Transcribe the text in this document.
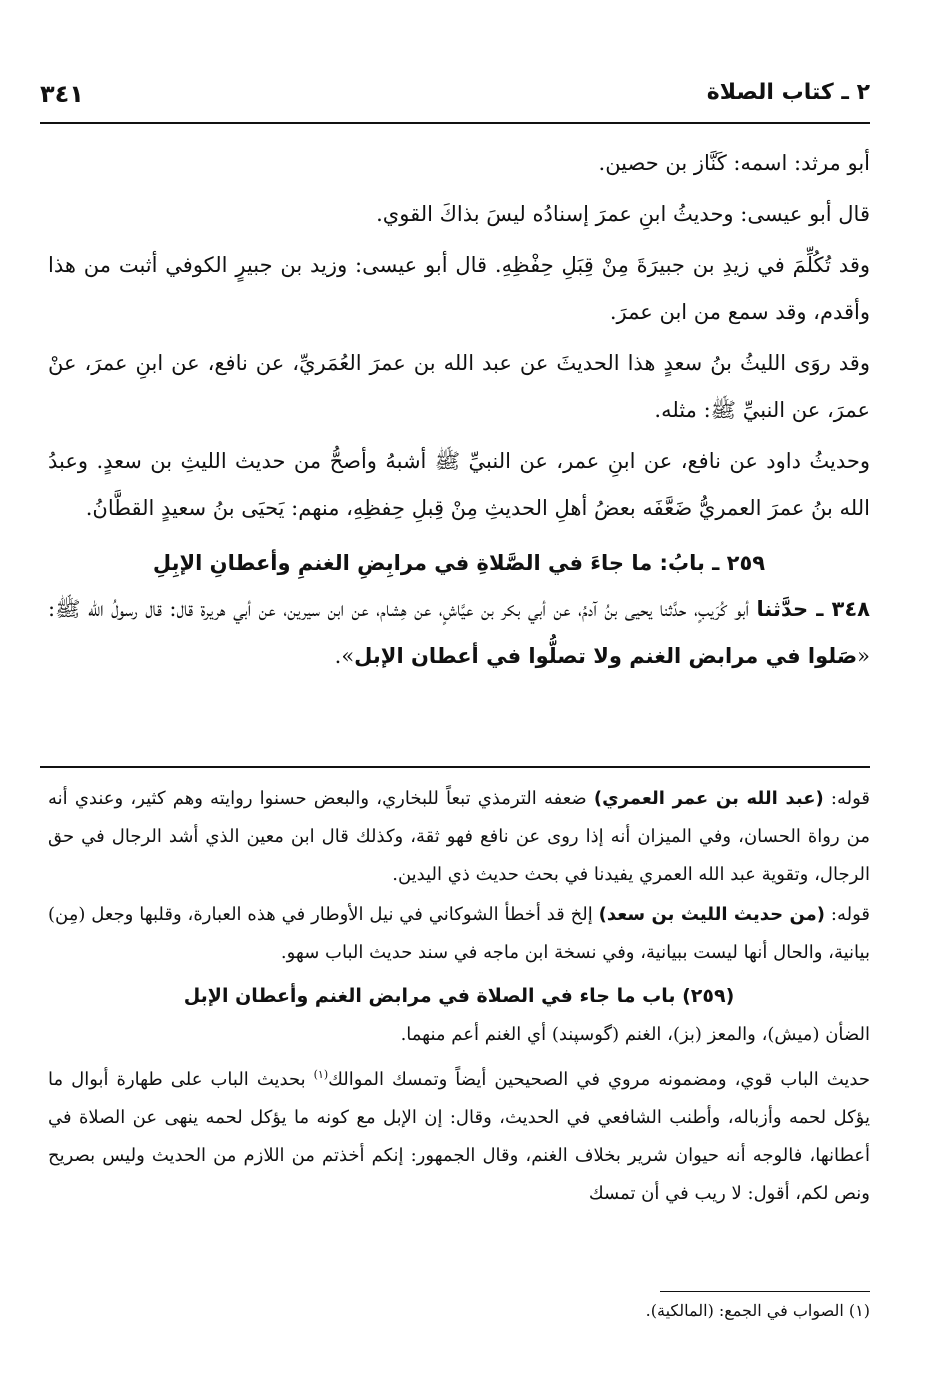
٢ ـ كتاب الصلاة
٣٤١

أبو مرثد: اسمه: كَنَّاز بن حصين.

قال أبو عيسى: وحديثُ ابنِ عمرَ إسنادُه ليسَ بذاكَ القوي.

وقد تُكُلِّمَ في زيدِ بن جبيرَةَ مِنْ قِبَلِ حِفْظِهِ. قال أبو عيسى: وزيد بن جبيرٍ الكوفي أثبت من هذا وأقدم، وقد سمع من ابن عمرَ.

وقد روَى الليثُ بنُ سعدٍ هذا الحديثَ عن عبد الله بن عمرَ العُمَريِّ، عن نافع، عن ابنِ عمرَ، عنْ عمرَ، عن النبيِّ ﷺ: مثله.

وحديثُ داود عن نافع، عن ابنِ عمر، عن النبيِّ ﷺ أشبهُ وأصحُّ من حديث الليثِ بن سعدٍ. وعبدُ الله بنُ عمرَ العمريُّ ضَعَّفَه بعضُ أهلِ الحديثِ مِنْ قِبلِ حِفظِهِ، منهم: يَحيَى بنُ سعيدٍ القطَّانُ.

٢٥٩ ـ بابُ: ما جاءَ في الصَّلاةِ في مرابِضِ الغنمِ وأعطانِ الإبِلِ

٣٤٨ ـ حدَّثنا أبو كُرَيبٍ، حدَّثنا يحيى بنُ آدمُ، عن أبي بكر بن عيَّاشٍ، عن هِشام، عن ابن سيرين، عن أبي هريرة قال: قال رسولُ الله ﷺ: «صَلوا في مرابض الغنم ولا تصلُّوا في أعطان الإبل».

قوله: (عبد الله بن عمر العمري) ضعفه الترمذي تبعاً للبخاري، والبعض حسنوا روايته وهم كثير، وعندي أنه من رواة الحسان، وفي الميزان أنه إذا روى عن نافع فهو ثقة، وكذلك قال ابن معين الذي أشد الرجال في حق الرجال، وتقوية عبد الله العمري يفيدنا في بحث حديث ذي اليدين.

قوله: (من حديث الليث بن سعد) إلخ قد أخطأ الشوكاني في نيل الأوطار في هذه العبارة، وقلبها وجعل (مِن) بيانية، والحال أنها ليست ببيانية، وفي نسخة ابن ماجه في سند حديث الباب سهو.

(٢٥٩) باب ما جاء في الصلاة في مرابض الغنم وأعطان الإبل

الضأن (ميش)، والمعز (بز)، الغنم (گوسپند) أي الغنم أعم منهما.

حديث الباب قوي، ومضمونه مروي في الصحيحين أيضاً وتمسك الموالك$^{(١)}$ بحديث الباب على طهارة أبوال ما يؤكل لحمه وأزباله، وأطنب الشافعي في الحديث، وقال: إن الإبل مع كونه ما يؤكل لحمه ينهى عن الصلاة في أعطانها، فالوجه أنه حيوان شرير بخلاف الغنم، وقال الجمهور: إنكم أخذتم من اللازم من الحديث وليس بصريح ونص لكم، أقول: لا ريب في أن تمسك

(١) الصواب في الجمع: (المالكية).
